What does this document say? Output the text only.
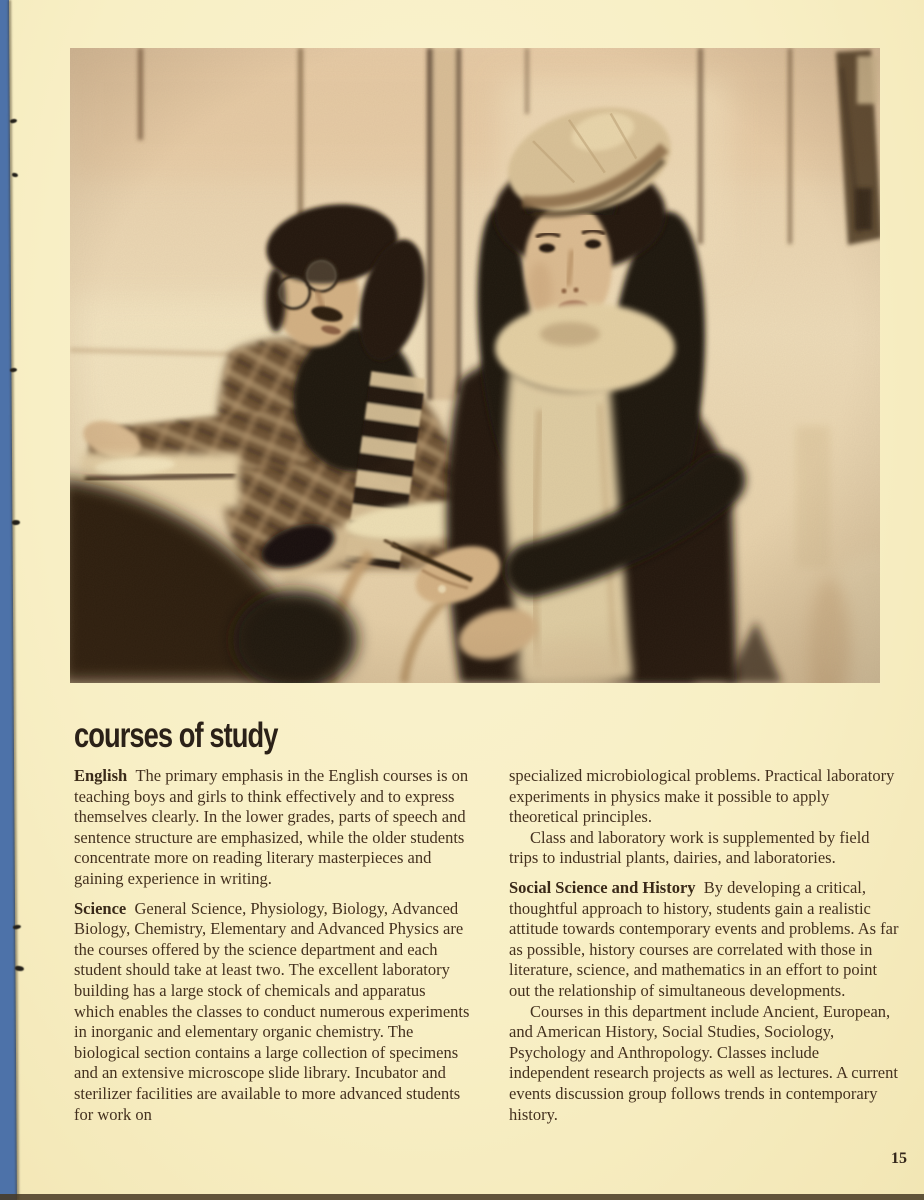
courses of study

English The primary emphasis in the English courses is on teaching boys and girls to think effectively and to express themselves clearly. In the lower grades, parts of speech and sentence structure are emphasized, while the older students concentrate more on reading literary masterpieces and gaining experience in writing.

Science General Science, Physiology, Biology, Advanced Biology, Chemistry, Elementary and Advanced Physics are the courses offered by the science department and each student should take at least two. The excellent laboratory building has a large stock of chemicals and apparatus which enables the classes to conduct numerous experiments in inorganic and elementary organic chemistry. The biological section contains a large collection of specimens and an extensive microscope slide library. Incubator and sterilizer facilities are available to more advanced students for work on

specialized microbiological problems. Practical laboratory experiments in physics make it possible to apply theoretical principles.

Class and laboratory work is supplemented by field trips to industrial plants, dairies, and laboratories.

Social Science and History By developing a critical, thoughtful approach to history, students gain a realistic attitude towards contemporary events and problems. As far as possible, history courses are correlated with those in literature, science, and mathematics in an effort to point out the relationship of simultaneous developments.

Courses in this department include Ancient, European, and American History, Social Studies, Sociology, Psychology and Anthropology. Classes include independent research projects as well as lectures. A current events discussion group follows trends in contemporary history.

15
